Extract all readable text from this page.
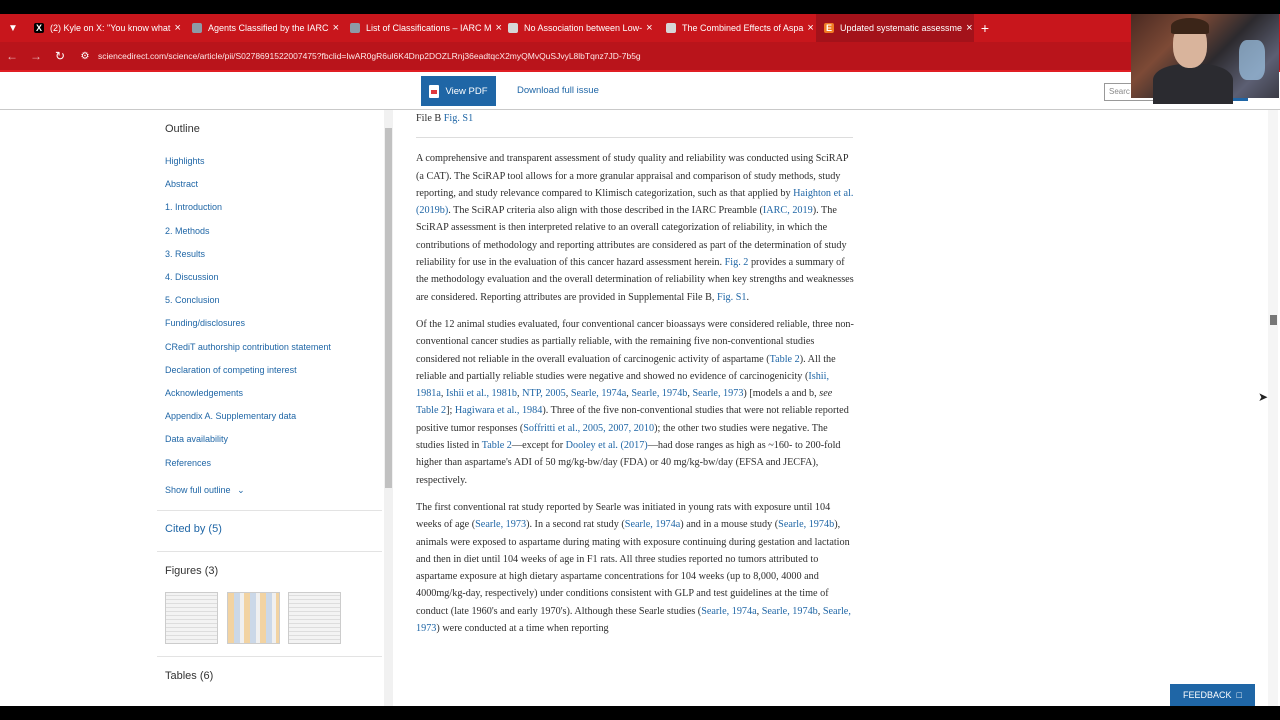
▼	X (2) Kyle on X: "You know what ×	Agents Classified by the IARC ×	List of Classifications – IARC M × No Association between Low- ×	The Combined Effects of Aspa × E Updated systematic assessme × +
←	→	↻	⚙	sciencedirect.com/science/article/pii/S0278691522007475?fbclid=IwAR0gR6ul6K4Dnp2DOZLRnj36eadtqcX2myQMvQuSJvyL8lbTqnz7JD-7b5g
View PDF	Download full issue	Searc
Outline
Highlights
Abstract
1. Introduction
2. Methods
3. Results
4. Discussion
5. Conclusion
Funding/disclosures
CRediT authorship contribution statement
Declaration of competing interest
Acknowledgements
Appendix A. Supplementary data
Data availability
References
Show full outline ⌄
Cited by (5)
Figures (3)
Tables (6)
File B Fig. S1

A comprehensive and transparent assessment of study quality and reliability was conducted using SciRAP (a CAT). The SciRAP tool allows for a more granular appraisal and comparison of study methods, study reporting, and study relevance compared to Klimisch categorization, such as that applied by Haighton et al. (2019b). The SciRAP criteria also align with those described in the IARC Preamble (IARC, 2019). The SciRAP assessment is then interpreted relative to an overall categorization of reliability, in which the contributions of methodology and reporting attributes are considered as part of the determination of study reliability for use in the evaluation of this cancer hazard assessment herein. Fig. 2 provides a summary of the methodology evaluation and the overall determination of reliability when key strengths and weaknesses are considered. Reporting attributes are provided in Supplemental File B, Fig. S1.

Of the 12 animal studies evaluated, four conventional cancer bioassays were considered reliable, three non-conventional cancer studies as partially reliable, with the remaining five non-conventional studies considered not reliable in the overall evaluation of carcinogenic activity of aspartame (Table 2). All the reliable and partially reliable studies were negative and showed no evidence of carcinogenicity (Ishii, 1981a, Ishii et al., 1981b, NTP, 2005, Searle, 1974a, Searle, 1974b, Searle, 1973) [models a and b, see Table 2]; Hagiwara et al., 1984). Three of the five non-conventional studies that were not reliable reported positive tumor responses (Soffritti et al., 2005, 2007, 2010); the other two studies were negative. The studies listed in Table 2—except for Dooley et al. (2017)—had dose ranges as high as ~160- to 200-fold higher than aspartame's ADI of 50 mg/kg-bw/day (FDA) or 40 mg/kg-bw/day (EFSA and JECFA), respectively.

The first conventional rat study reported by Searle was initiated in young rats with exposure until 104 weeks of age (Searle, 1973). In a second rat study (Searle, 1974a) and in a mouse study (Searle, 1974b), animals were exposed to aspartame during mating with exposure continuing during gestation and lactation and then in diet until 104 weeks of age in F1 rats. All three studies reported no tumors attributed to aspartame exposure at high dietary aspartame concentrations for 104 weeks (up to 8,000, 4000 and 4000mg/kg-day, respectively) under conditions consistent with GLP and test guidelines at the time of conduct (late 1960's and early 1970's). Although these Searle studies (Searle, 1974a, Searle, 1974b, Searle, 1973) were conducted at a time when reporting

➤
FEEDBACK □
